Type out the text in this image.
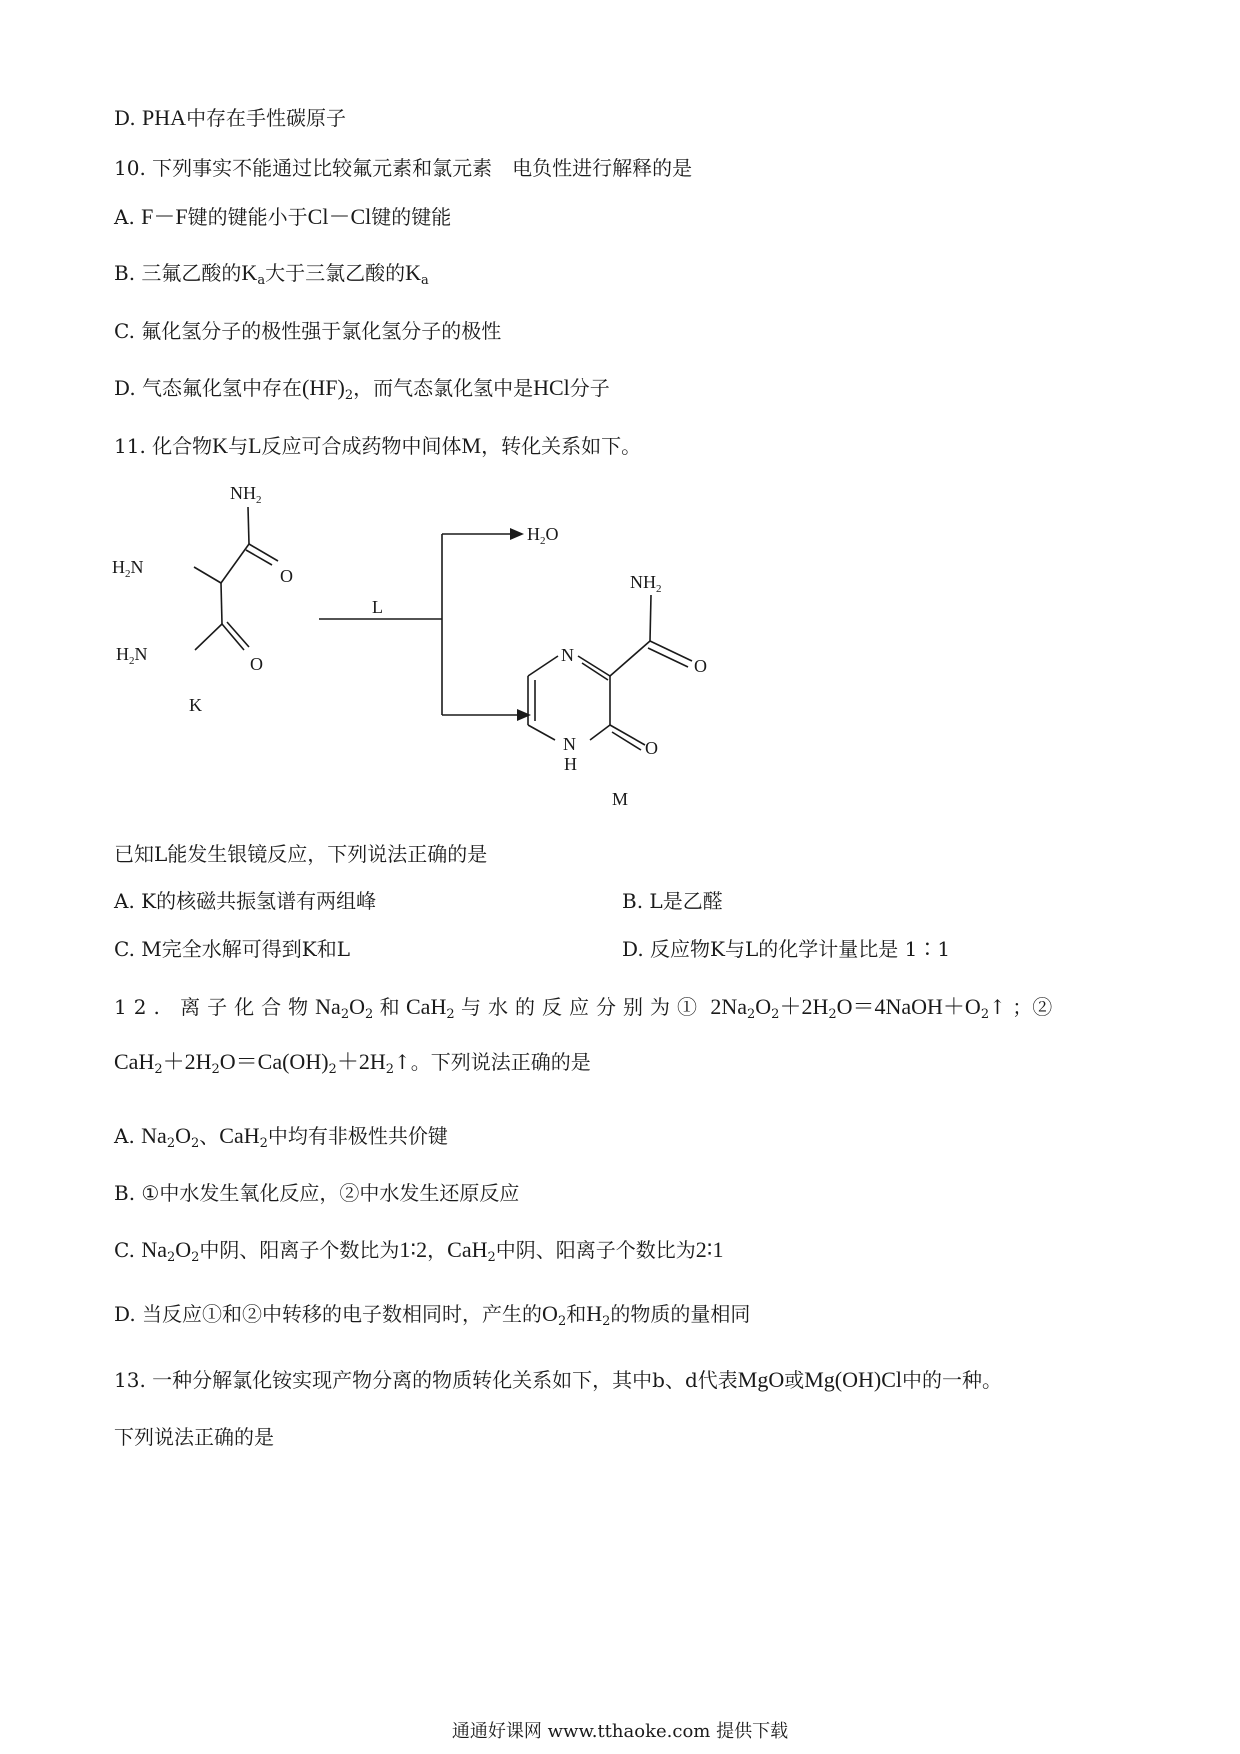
D. PHA中存在手性碳原子
10. 下列事实不能通过比较氟元素和氯元素　电负性进行解释的是
A. F－F键的键能小于Cl－Cl键的键能
B. 三氟乙酸的$K_a$大于三氯乙酸的$K_a$
C. 氟化氢分子的极性强于氯化氢分子的极性
D. 气态氟化氢中存在$(HF)_2$，而气态氯化氢中是HCl分子
11. 化合物K与L反应可合成药物中间体M，转化关系如下。
$NH_2$
$H_2N$	O
$H_2N$	O
K
L
$H_2O$
$NH_2$
N
O
N
H
O
M
已知L能发生银镜反应，下列说法正确的是
A. K的核磁共振氢谱有两组峰	B. L是乙醛
C. M完全水解可得到K和L	D. 反应物K与L的化学计量比是 1∶1
12. 离子化合物$Na_2O_2$ 和 CaH$_2$ 与水的反应分别为① $2Na_2O_2+2H_2O=4NaOH+O_2↑$ ；②
$CaH_2+2H_2O=Ca(OH)_2+2H_2↑$。下列说法正确的是
A. $Na_2O_2$、CaH$_2$中均有非极性共价键
B. ①中水发生氧化反应，②中水发生还原反应
C. $Na_2O_2$中阴、阳离子个数比为1∶2，CaH$_2$中阴、阳离子个数比为2∶1
D. 当反应①和②中转移的电子数相同时，产生的$O_2$和$H_2$的物质的量相同
13. 一种分解氯化铵实现产物分离的物质转化关系如下，其中b、d代表MgO或Mg(OH)Cl中的一种。
下列说法正确的是
通通好课网 www.tthaoke.com 提供下载
